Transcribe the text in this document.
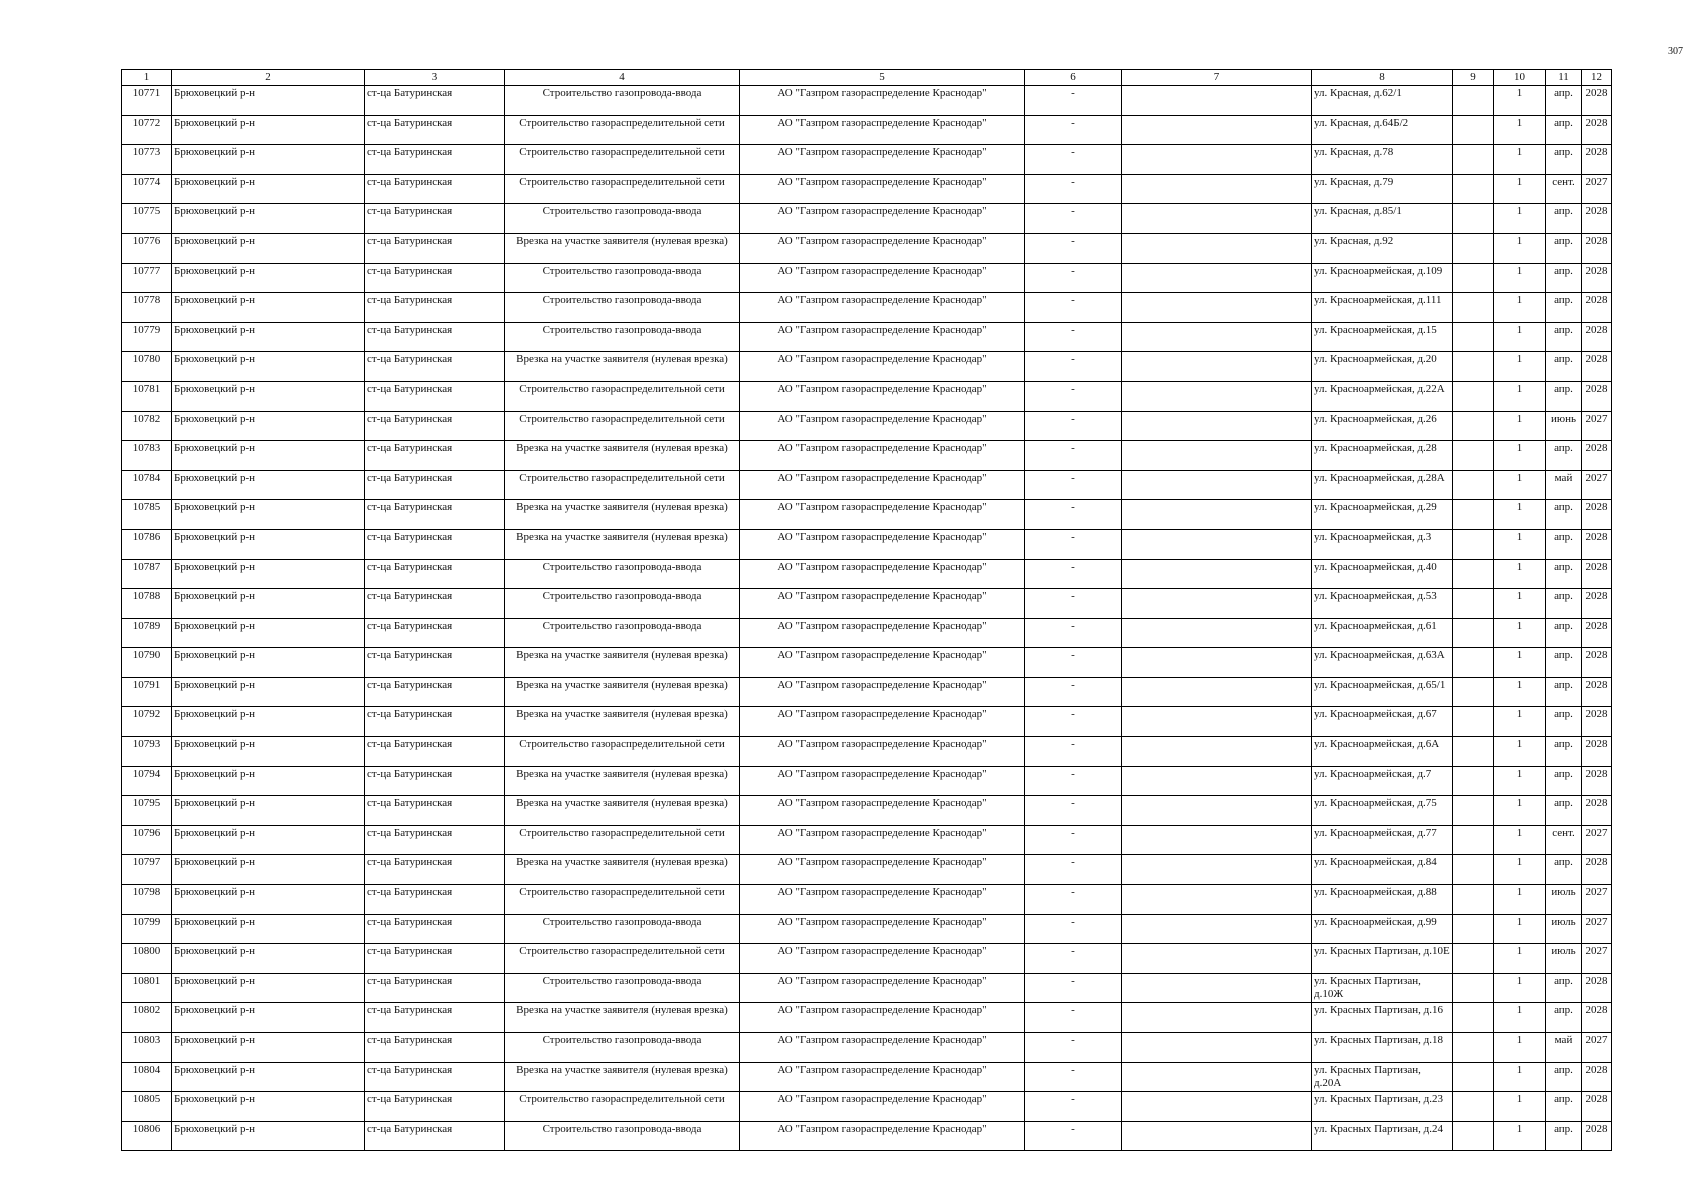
307
1	2	3	4	5	6	7	8	9	10	11	12
10771	Брюховецкий р-н	ст-ца Батуринская	Строительство газопровода-ввода	АО "Газпром газораспределение Краснодар"	-		ул. Красная, д.62/1		1	апр.	2028
10772	Брюховецкий р-н	ст-ца Батуринская	Строительство газораспределительной сети	АО "Газпром газораспределение Краснодар"	-		ул. Красная, д.64Б/2		1	апр.	2028
10773	Брюховецкий р-н	ст-ца Батуринская	Строительство газораспределительной сети	АО "Газпром газораспределение Краснодар"	-		ул. Красная, д.78		1	апр.	2028
10774	Брюховецкий р-н	ст-ца Батуринская	Строительство газораспределительной сети	АО "Газпром газораспределение Краснодар"	-		ул. Красная, д.79		1	сент.	2027
10775	Брюховецкий р-н	ст-ца Батуринская	Строительство газопровода-ввода	АО "Газпром газораспределение Краснодар"	-		ул. Красная, д.85/1		1	апр.	2028
10776	Брюховецкий р-н	ст-ца Батуринская	Врезка на участке заявителя (нулевая врезка)	АО "Газпром газораспределение Краснодар"	-		ул. Красная, д.92		1	апр.	2028
10777	Брюховецкий р-н	ст-ца Батуринская	Строительство газопровода-ввода	АО "Газпром газораспределение Краснодар"	-		ул. Красноармейская, д.109		1	апр.	2028
10778	Брюховецкий р-н	ст-ца Батуринская	Строительство газопровода-ввода	АО "Газпром газораспределение Краснодар"	-		ул. Красноармейская, д.111		1	апр.	2028
10779	Брюховецкий р-н	ст-ца Батуринская	Строительство газопровода-ввода	АО "Газпром газораспределение Краснодар"	-		ул. Красноармейская, д.15		1	апр.	2028
10780	Брюховецкий р-н	ст-ца Батуринская	Врезка на участке заявителя (нулевая врезка)	АО "Газпром газораспределение Краснодар"	-		ул. Красноармейская, д.20		1	апр.	2028
10781	Брюховецкий р-н	ст-ца Батуринская	Строительство газораспределительной сети	АО "Газпром газораспределение Краснодар"	-		ул. Красноармейская, д.22А		1	апр.	2028
10782	Брюховецкий р-н	ст-ца Батуринская	Строительство газораспределительной сети	АО "Газпром газораспределение Краснодар"	-		ул. Красноармейская, д.26		1	июнь	2027
10783	Брюховецкий р-н	ст-ца Батуринская	Врезка на участке заявителя (нулевая врезка)	АО "Газпром газораспределение Краснодар"	-		ул. Красноармейская, д.28		1	апр.	2028
10784	Брюховецкий р-н	ст-ца Батуринская	Строительство газораспределительной сети	АО "Газпром газораспределение Краснодар"	-		ул. Красноармейская, д.28А		1	май	2027
10785	Брюховецкий р-н	ст-ца Батуринская	Врезка на участке заявителя (нулевая врезка)	АО "Газпром газораспределение Краснодар"	-		ул. Красноармейская, д.29		1	апр.	2028
10786	Брюховецкий р-н	ст-ца Батуринская	Врезка на участке заявителя (нулевая врезка)	АО "Газпром газораспределение Краснодар"	-		ул. Красноармейская, д.3		1	апр.	2028
10787	Брюховецкий р-н	ст-ца Батуринская	Строительство газопровода-ввода	АО "Газпром газораспределение Краснодар"	-		ул. Красноармейская, д.40		1	апр.	2028
10788	Брюховецкий р-н	ст-ца Батуринская	Строительство газопровода-ввода	АО "Газпром газораспределение Краснодар"	-		ул. Красноармейская, д.53		1	апр.	2028
10789	Брюховецкий р-н	ст-ца Батуринская	Строительство газопровода-ввода	АО "Газпром газораспределение Краснодар"	-		ул. Красноармейская, д.61		1	апр.	2028
10790	Брюховецкий р-н	ст-ца Батуринская	Врезка на участке заявителя (нулевая врезка)	АО "Газпром газораспределение Краснодар"	-		ул. Красноармейская, д.63А		1	апр.	2028
10791	Брюховецкий р-н	ст-ца Батуринская	Врезка на участке заявителя (нулевая врезка)	АО "Газпром газораспределение Краснодар"	-		ул. Красноармейская, д.65/1		1	апр.	2028
10792	Брюховецкий р-н	ст-ца Батуринская	Врезка на участке заявителя (нулевая врезка)	АО "Газпром газораспределение Краснодар"	-		ул. Красноармейская, д.67		1	апр.	2028
10793	Брюховецкий р-н	ст-ца Батуринская	Строительство газораспределительной сети	АО "Газпром газораспределение Краснодар"	-		ул. Красноармейская, д.6А		1	апр.	2028
10794	Брюховецкий р-н	ст-ца Батуринская	Врезка на участке заявителя (нулевая врезка)	АО "Газпром газораспределение Краснодар"	-		ул. Красноармейская, д.7		1	апр.	2028
10795	Брюховецкий р-н	ст-ца Батуринская	Врезка на участке заявителя (нулевая врезка)	АО "Газпром газораспределение Краснодар"	-		ул. Красноармейская, д.75		1	апр.	2028
10796	Брюховецкий р-н	ст-ца Батуринская	Строительство газораспределительной сети	АО "Газпром газораспределение Краснодар"	-		ул. Красноармейская, д.77		1	сент.	2027
10797	Брюховецкий р-н	ст-ца Батуринская	Врезка на участке заявителя (нулевая врезка)	АО "Газпром газораспределение Краснодар"	-		ул. Красноармейская, д.84		1	апр.	2028
10798	Брюховецкий р-н	ст-ца Батуринская	Строительство газораспределительной сети	АО "Газпром газораспределение Краснодар"	-		ул. Красноармейская, д.88		1	июль	2027
10799	Брюховецкий р-н	ст-ца Батуринская	Строительство газопровода-ввода	АО "Газпром газораспределение Краснодар"	-		ул. Красноармейская, д.99		1	июль	2027
10800	Брюховецкий р-н	ст-ца Батуринская	Строительство газораспределительной сети	АО "Газпром газораспределение Краснодар"	-		ул. Красных Партизан, д.10Е		1	июль	2027
10801	Брюховецкий р-н	ст-ца Батуринская	Строительство газопровода-ввода	АО "Газпром газораспределение Краснодар"	-		ул. Красных Партизан, д.10Ж		1	апр.	2028
10802	Брюховецкий р-н	ст-ца Батуринская	Врезка на участке заявителя (нулевая врезка)	АО "Газпром газораспределение Краснодар"	-		ул. Красных Партизан, д.16		1	апр.	2028
10803	Брюховецкий р-н	ст-ца Батуринская	Строительство газопровода-ввода	АО "Газпром газораспределение Краснодар"	-		ул. Красных Партизан, д.18		1	май	2027
10804	Брюховецкий р-н	ст-ца Батуринская	Врезка на участке заявителя (нулевая врезка)	АО "Газпром газораспределение Краснодар"	-		ул. Красных Партизан, д.20А		1	апр.	2028
10805	Брюховецкий р-н	ст-ца Батуринская	Строительство газораспределительной сети	АО "Газпром газораспределение Краснодар"	-		ул. Красных Партизан, д.23		1	апр.	2028
10806	Брюховецкий р-н	ст-ца Батуринская	Строительство газопровода-ввода	АО "Газпром газораспределение Краснодар"	-		ул. Красных Партизан, д.24		1	апр.	2028
